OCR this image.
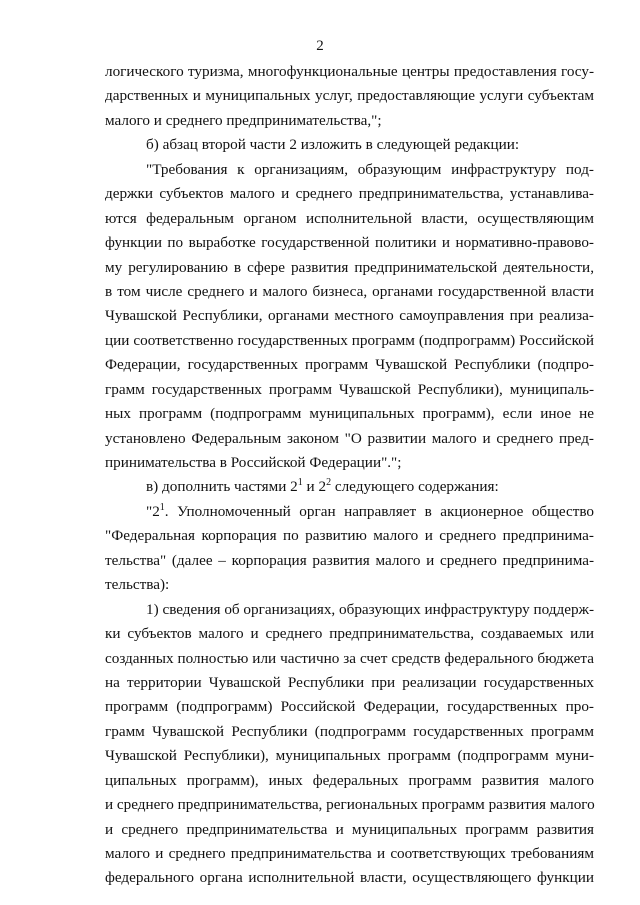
2
логического туризма, многофункциональные центры предоставления госу-
дарственных и муниципальных услуг, предоставляющие услуги субъектам
малого и среднего предпринимательства,";
б) абзац второй части 2 изложить в следующей редакции:
"Требования к организациям, образующим инфраструктуру под-
держки субъектов малого и среднего предпринимательства, устанавлива-
ются федеральным органом исполнительной власти, осуществляющим
функции по выработке государственной политики и нормативно-правово-
му регулированию в сфере развития предпринимательской деятельности,
в том числе среднего и малого бизнеса, органами государственной власти
Чувашской Республики, органами местного самоуправления при реализа-
ции соответственно государственных программ (подпрограмм) Российской
Федерации, государственных программ Чувашской Республики (подпро-
грамм государственных программ Чувашской Республики), муниципаль-
ных программ (подпрограмм муниципальных программ), если иное не
установлено Федеральным законом "О развитии малого и среднего пред-
принимательства в Российской Федерации".";
в) дополнить частями $2^1$ и $2^2$ следующего содержания:
"$2^1$. Уполномоченный орган направляет в акционерное общество
"Федеральная корпорация по развитию малого и среднего предпринима-
тельства" (далее – корпорация развития малого и среднего предпринима-
тельства):
1) сведения об организациях, образующих инфраструктуру поддерж-
ки субъектов малого и среднего предпринимательства, создаваемых или
созданных полностью или частично за счет средств федерального бюджета
на территории Чувашской Республики при реализации государственных
программ (подпрограмм) Российской Федерации, государственных про-
грамм Чувашской Республики (подпрограмм государственных программ
Чувашской Республики), муниципальных программ (подпрограмм муни-
ципальных программ), иных федеральных программ развития малого
и среднего предпринимательства, региональных программ развития малого
и среднего предпринимательства и муниципальных программ развития
малого и среднего предпринимательства и соответствующих требованиям
федерального органа исполнительной власти, осуществляющего функции
